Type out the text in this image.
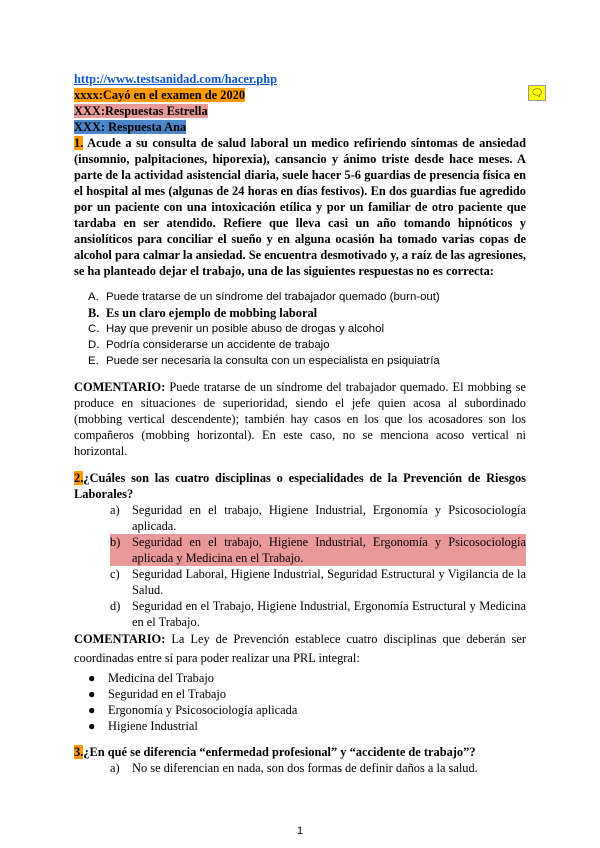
http://www.testsanidad.com/hacer.php
xxxx:Cayó en el examen de 2020
XXX:Respuestas Estrella
XXX: Respuesta Ana
🗨
1. Acude a su consulta de salud laboral un medico refiriendo síntomas de ansiedad (insomnio, palpitaciones, hiporexia), cansancio y ánimo triste desde hace meses. A parte de la actividad asistencial diaria, suele hacer 5-6 guardias de presencia física en el hospital al mes (algunas de 24 horas en días festivos). En dos guardias fue agredido por un paciente con una intoxicación etílica y por un familiar de otro paciente que tardaba en ser atendido. Refiere que lleva casi un año tomando hipnóticos y ansiolíticos para conciliar el sueño y en alguna ocasión ha tomado varias copas de alcohol para calmar la ansiedad. Se encuentra desmotivado y, a raíz de las agresiones, se ha planteado dejar el trabajo, una de las siguientes respuestas no es correcta:
A. Puede tratarse de un síndrome del trabajador quemado (burn-out)
B. Es un claro ejemplo de mobbing laboral
C. Hay que prevenir un posible abuso de drogas y alcohol
D. Podría considerarse un accidente de trabajo
E. Puede ser necesaria la consulta con un especialista en psiquiatría
COMENTARIO: Puede tratarse de un síndrome del trabajador quemado. El mobbing se produce en situaciones de superioridad, siendo el jefe quien acosa al subordinado (mobbing vertical descendente); también hay casos en los que los acosadores son los compañeros (mobbing horizontal). En este caso, no se menciona acoso vertical ni horizontal.
2.¿Cuáles son las cuatro disciplinas o especialidades de la Prevención de Riesgos Laborales?
a) Seguridad en el trabajo, Higiene Industrial, Ergonomía y Psicosociología aplicada.
b) Seguridad en el trabajo, Higiene Industrial, Ergonomía y Psicosociología aplicada y Medicina en el Trabajo.
c) Seguridad Laboral, Higiene Industrial, Seguridad Estructural y Vigilancia de la Salud.
d) Seguridad en el Trabajo, Higiene Industrial, Ergonomía Estructural y Medicina en el Trabajo.
COMENTARIO: La Ley de Prevención establece cuatro disciplinas que deberán ser coordinadas entre sí para poder realizar una PRL integral:
●	Medicina del Trabajo
●	Seguridad en el Trabajo
●	Ergonomía y Psicosociología aplicada
●	Higiene Industrial
3.¿En qué se diferencia “enfermedad profesional” y “accidente de trabajo”?
a) No se diferencian en nada, son dos formas de definir daños a la salud.
1
